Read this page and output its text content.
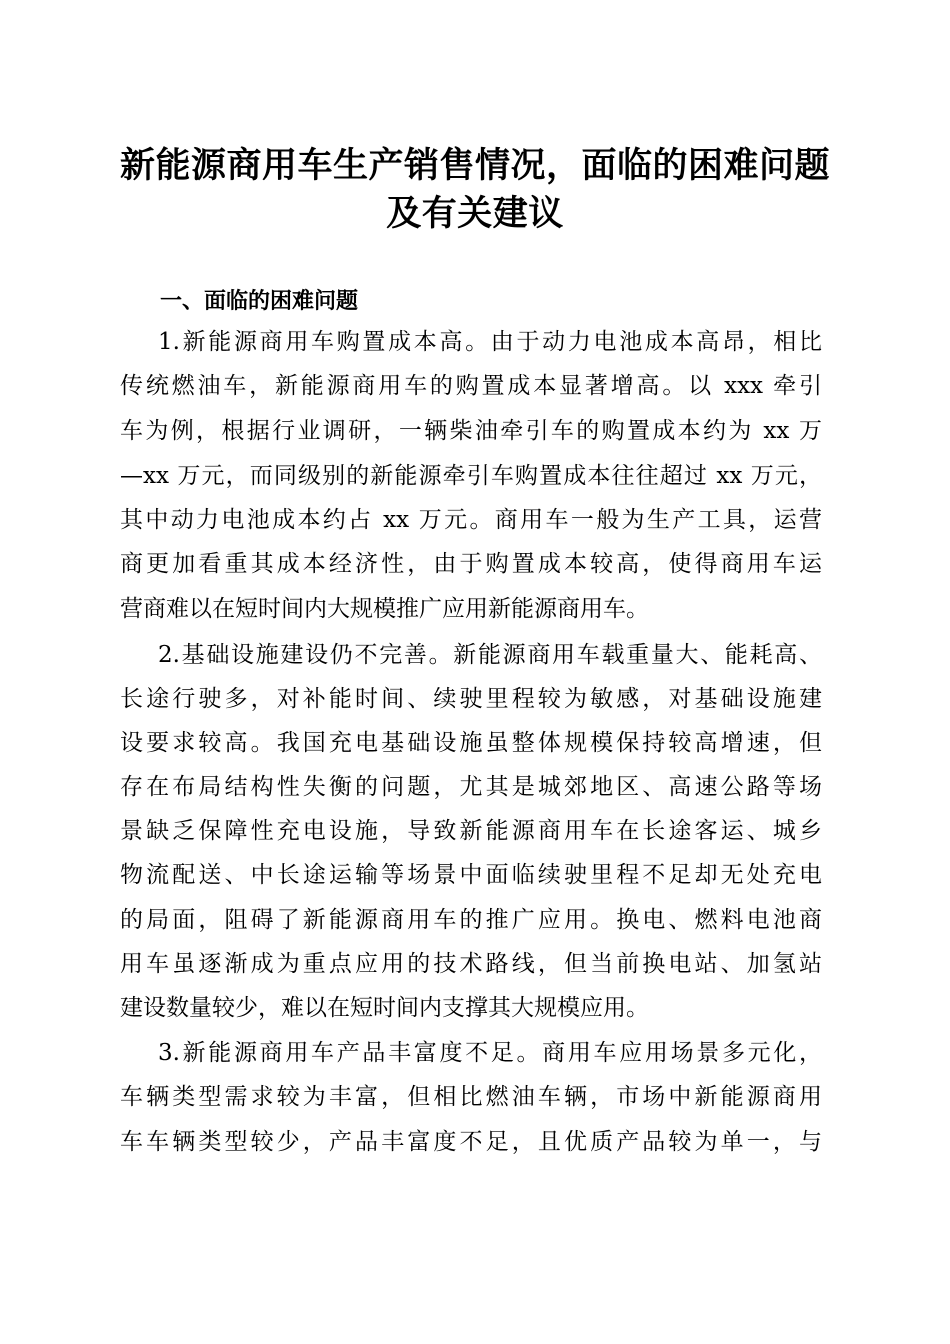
新能源商用车生产销售情况，面临的困难问题
及有关建议
一、面临的困难问题
1.新能源商用车购置成本高。由于动力电池成本高昂，相比
传统燃油车，新能源商用车的购置成本显著增高。以 xxx 牵引
车为例，根据行业调研，一辆柴油牵引车的购置成本约为 xx 万
—xx 万元，而同级别的新能源牵引车购置成本往往超过 xx 万元，
其中动力电池成本约占 xx 万元。商用车一般为生产工具，运营
商更加看重其成本经济性，由于购置成本较高，使得商用车运
营商难以在短时间内大规模推广应用新能源商用车。
2.基础设施建设仍不完善。新能源商用车载重量大、能耗高、
长途行驶多，对补能时间、续驶里程较为敏感，对基础设施建
设要求较高。我国充电基础设施虽整体规模保持较高增速，但
存在布局结构性失衡的问题，尤其是城郊地区、高速公路等场
景缺乏保障性充电设施，导致新能源商用车在长途客运、城乡
物流配送、中长途运输等场景中面临续驶里程不足却无处充电
的局面，阻碍了新能源商用车的推广应用。换电、燃料电池商
用车虽逐渐成为重点应用的技术路线，但当前换电站、加氢站
建设数量较少，难以在短时间内支撑其大规模应用。
3.新能源商用车产品丰富度不足。商用车应用场景多元化，
车辆类型需求较为丰富，但相比燃油车辆，市场中新能源商用
车车辆类型较少，产品丰富度不足，且优质产品较为单一，与
